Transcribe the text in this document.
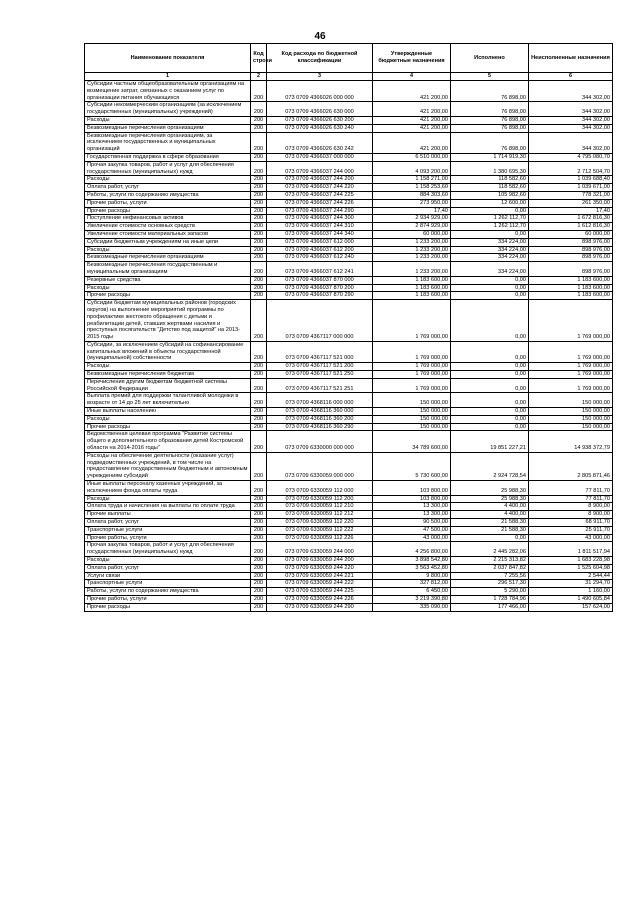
46
Наименование показателя	Код строки	Код расхода по бюджетной классификации	Утвержденные бюджетные назначения	Исполнено	Неисполненные назначения
1	2	3	4	5	6
Субсидии частным общеобразовательным организациям на возмещение затрат, связанных с оказанием услуг по организации питания обучающихся	200	073 0709 4366026 000 000	421 200,00	76 898,00	344 302,00
Субсидии некоммерческим организациям (за исключением государственных (муниципальных) учреждений)	200	073 0709 4366026 630 000	421 200,00	76 898,00	344 302,00
Расходы	200	073 0709 4366026 630 200	421 200,00	76 898,00	344 302,00
Безвозмездные перечисления организациям	200	073 0709 4366026 630 240	421 200,00	76 898,00	344 302,00
Безвозмездные перечисления организациям, за исключением государственных и муниципальных организаций	200	073 0709 4366026 630 242	421 200,00	76 898,00	344 302,00
Государственная поддержка в сфере образования	200	073 0709 4366037 000 000	6 510 000,00	1 714 919,30	4 795 080,70
Прочая закупка товаров, работ и услуг для обеспечения государственных (муниципальных) нужд	200	073 0709 4366037 244 000	4 093 200,00	1 380 695,30	2 712 504,70
Расходы	200	073 0709 4366037 244 200	1 158 271,00	118 582,60	1 039 688,40
Оплата работ, услуг	200	073 0709 4366037 244 220	1 158 253,60	118 582,60	1 039 671,00
Работы, услуги по содержанию имущества	200	073 0709 4366037 244 225	884 303,60	105 982,60	778 321,00
Прочие работы, услуги	200	073 0709 4366037 244 226	273 950,00	12 600,00	261 350,00
Прочие расходы	200	073 0709 4366037 244 290	17,40	0,00	17,40
Поступление нефинансовых активов	200	073 0709 4366037 244 300	2 934 929,00	1 262 112,70	1 672 816,30
Увеличение стоимости основных средств	200	073 0709 4366037 244 310	2 874 929,00	1 262 112,70	1 612 816,30
Увеличение стоимости материальных запасов	200	073 0709 4366037 244 340	60 000,00	0,00	60 000,00
Субсидии бюджетным учреждениям на иные цели	200	073 0709 4366037 612 000	1 233 200,00	334 224,00	898 976,00
Расходы	200	073 0709 4366037 612 200	1 233 200,00	334 224,00	898 976,00
Безвозмездные перечисления организациям	200	073 0709 4366037 612 240	1 233 200,00	334 224,00	898 976,00
Безвозмездные перечисления государственным и муниципальным организациям	200	073 0709 4366037 612 241	1 233 200,00	334 224,00	898 976,00
Резервные средства	200	073 0709 4366037 870 000	1 183 600,00	0,00	1 183 600,00
Расходы	200	073 0709 4366037 870 200	1 183 600,00	0,00	1 183 600,00
Прочие расходы	200	073 0709 4366037 870 290	1 183 600,00	0,00	1 183 600,00
Субсидии бюджетам муниципальных районов (городских округов) на выполнение мероприятий программы по профилактике жестокого обращения с детьми и реабилитации детей, ставших жертвами насилия и преступных посягательств "Детство под защитой" на 2013-2015 годы	200	073 0709 4367117 000 000	1 769 000,00	0,00	1 769 000,00
Субсидии, за исключением субсидий на софинансирование капитальных вложений в объекты государственной (муниципальной) собственности	200	073 0709 4367117 521 000	1 769 000,00	0,00	1 769 000,00
Расходы	200	073 0709 4367117 521 200	1 769 000,00	0,00	1 769 000,00
Безвозмездные перечисления бюджетам	200	073 0709 4367117 521 250	1 769 000,00	0,00	1 769 000,00
Перечисления другим бюджетам бюджетной системы Российской Федерации	200	073 0709 4367117 521 251	1 769 000,00	0,00	1 769 000,00
Выплата премий для поддержки талантливой молодежи в возрасте от 14 до 25 лет включительно	200	073 0709 4368116 000 000	150 000,00	0,00	150 000,00
Иные выплаты населению	200	073 0709 4368116 360 000	150 000,00	0,00	150 000,00
Расходы	200	073 0709 4368116 360 200	150 000,00	0,00	150 000,00
Прочие расходы	200	073 0709 4368116 360 290	150 000,00	0,00	150 000,00
Ведомственная целевая программа "Развитие системы общего и дополнительного образования детей Костромской области на 2014-2016 годы"	200	073 0709 6330000 000 000	34 789 600,00	19 851 227,21	14 938 372,79
Расходы на обеспечение деятельности (оказание услуг) подведомственных учреждений, в том числе на предоставление государственным бюджетным и автономным учреждениям субсидий	200	073 0709 6330059 000 000	5 730 600,00	2 924 728,54	2 805 871,46
Иные выплаты персоналу казенных учреждений, за исключением фонда оплаты труда	200	073 0709 6330059 112 000	103 800,00	25 988,30	77 811,70
Расходы	200	073 0709 6330059 112 200	103 800,00	25 988,30	77 811,70
Оплата труда и начисления на выплаты по оплате труда	200	073 0709 6330059 112 210	13 300,00	4 400,00	8 900,00
Прочие выплаты	200	073 0709 6330059 112 212	13 300,00	4 400,00	8 900,00
Оплата работ, услуг	200	073 0709 6330059 112 220	90 500,00	21 588,30	68 911,70
Транспортные услуги	200	073 0709 6330059 112 222	47 500,00	21 588,30	25 911,70
Прочие работы, услуги	200	073 0709 6330059 112 226	43 000,00	0,00	43 000,00
Прочая закупка товаров, работ и услуг для обеспечения государственных (муниципальных) нужд	200	073 0709 6330059 244 000	4 256 800,00	2 445 282,06	1 811 517,94
Расходы	200	073 0709 6330059 244 200	3 898 542,80	2 215 313,82	1 683 228,98
Оплата работ, услуг	200	073 0709 6330059 244 220	3 563 452,80	2 037 847,82	1 525 604,98
Услуги связи	200	073 0709 6330059 244 221	9 800,00	7 255,56	2 544,44
Транспортные услуги	200	073 0709 6330059 244 222	327 812,00	296 517,30	31 294,70
Работы, услуги по содержанию имущества	200	073 0709 6330059 244 225	6 450,00	5 290,00	1 160,00
Прочие работы, услуги	200	073 0709 6330059 244 226	3 219 390,80	1 728 784,96	1 490 605,84
Прочие расходы	200	073 0709 6330059 244 290	335 090,00	177 466,00	157 624,00
